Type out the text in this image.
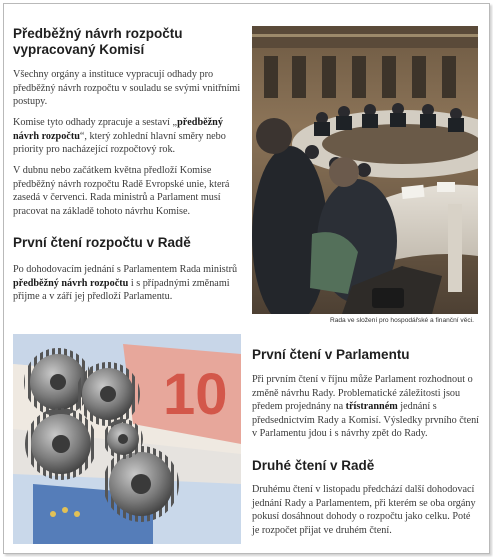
Předběžný návrh rozpočtu
vypracovaný Komisí

Všechny orgány a instituce vypracují odhady pro předběžný návrh rozpočtu v souladu se svými vnitřními postupy.

Komise tyto odhady zpracuje a sestaví „předběžný návrh rozpočtu“, který zohlední hlavní směry nebo priority pro nacházející rozpočtový rok.

V dubnu nebo začátkem května předloží Komise předběžný návrh rozpočtu Radě Evropské unie, která zasedá v červenci. Rada ministrů a Parlament musí pracovat na základě tohoto návrhu Komise.

První čtení rozpočtu v Radě

Po dohodovacím jednání s Parlamentem Rada ministrů předběžný návrh rozpočtu i s případnými změnami přijme a v září jej předloží Parlamentu.

Rada ve složení pro hospodářské a finanční věci.
10
První čtení v Parlamentu

Při prvním čtení v říjnu může Parlament rozhodnout o změně návrhu Rady. Problematické záležitosti jsou předem projednány na třístranném jednání s předsednictvím Rady a Komisí. Výsledky prvního čtení v Parlamentu jdou i s návrhy zpět do Rady.

Druhé čtení v Radě

Druhému čtení v listopadu předchází další dohodovací jednání Rady a Parlamentem, při kterém se oba orgány pokusí dosáhnout dohody o rozpočtu jako celku. Poté je rozpočet přijat ve druhém čtení.
